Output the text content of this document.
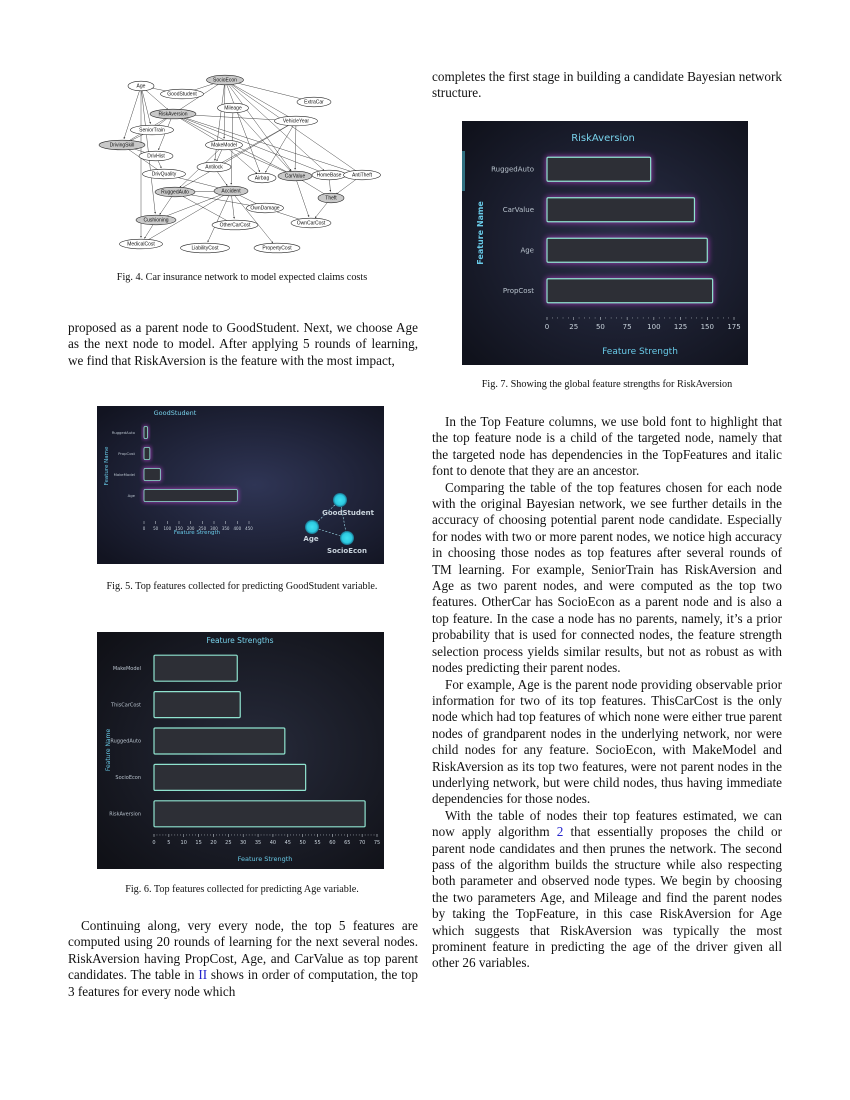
Age
SocioEcon
GoodStudent
ExtraCar
Mileage
RiskAversion
VehicleYear
SeniorTrain
DrivingSkill	MakeModel
DrivHist
DrivQuality
Antilock
Airbag	CarValue HomeBase AntiTheft
RuggedAuto	Accident
Theft
Cushioning
OwnDamage
OtherCarCost	OwnCarCost
MedicalCost
LiabilityCost	PropertyCost
Fig. 4. Car insurance network to model expected claims costs

proposed as a parent node to GoodStudent. Next, we choose Age as the next node to model. After applying 5 rounds of learning, we find that RiskAversion is the feature with the most impact,

GoodStudent
Feature Name
Feature Strength
RuggedAuto
PropCost
MakeModel
Age
0 50 100 150 200 250 300 350 400 450
GoodStudent
Age
SocioEcon
Fig. 5. Top features collected for predicting GoodStudent variable.
Feature Strengths
Feature Name
Feature Strength
MakeModel
ThisCarCost
RuggedAuto
SocioEcon
RiskAversion
0 5 10 15 20 25 30 35 40 45 50 55 60 65 70 75
Fig. 6. Top features collected for predicting Age variable.

Continuing along, very every node, the top 5 features are computed using 20 rounds of learning for the next several nodes. RiskAversion having PropCost, Age, and CarValue as top parent candidates. The table in II shows in order of computation, the top 3 features for every node which

completes the first stage in building a candidate Bayesian network structure.

RiskAversion
Feature Name
Feature Strength
RuggedAuto
CarValue
Age
PropCost
0	25	50	75 100 125 150 175
Fig. 7. Showing the global feature strengths for RiskAversion

In the Top Feature columns, we use bold font to highlight that the top feature node is a child of the targeted node, namely that the targeted node has dependencies in the TopFeatures and italic font to denote that they are an ancestor.

Comparing the table of the top features chosen for each node with the original Bayesian network, we see further details in the accuracy of choosing potential parent node candidate. Especially for nodes with two or more parent nodes, we notice high accuracy in choosing those nodes as top features after several rounds of TM learning. For example, SeniorTrain has RiskAversion and Age as two parent nodes, and were computed as the top two features. OtherCar has SocioEcon as a parent node and is also a top feature. In the case a node has no parents, namely, it’s a prior probability that is used for connected nodes, the feature strength selection process yields similar results, but not as robust as with nodes predicting their parent nodes.

For example, Age is the parent node providing observable prior information for two of its top features. ThisCarCost is the only node which had top features of which none were either true parent nodes of grandparent nodes in the underlying network, nor were child nodes for any feature. SocioEcon, with MakeModel and RiskAversion as its top two features, were not parent nodes in the underlying network, but were child nodes, thus having immediate dependencies for those nodes.

With the table of nodes their top features estimated, we can now apply algorithm 2 that essentially proposes the child or parent node candidates and then prunes the network. The second pass of the algorithm builds the structure while also respecting both parameter and observed node types. We begin by choosing the two parameters Age, and Mileage and find the parent nodes by taking the TopFeature, in this case RiskAversion for Age which suggests that RiskAversion was typically the most prominent feature in predicting the age of the driver given all other 26 variables.
